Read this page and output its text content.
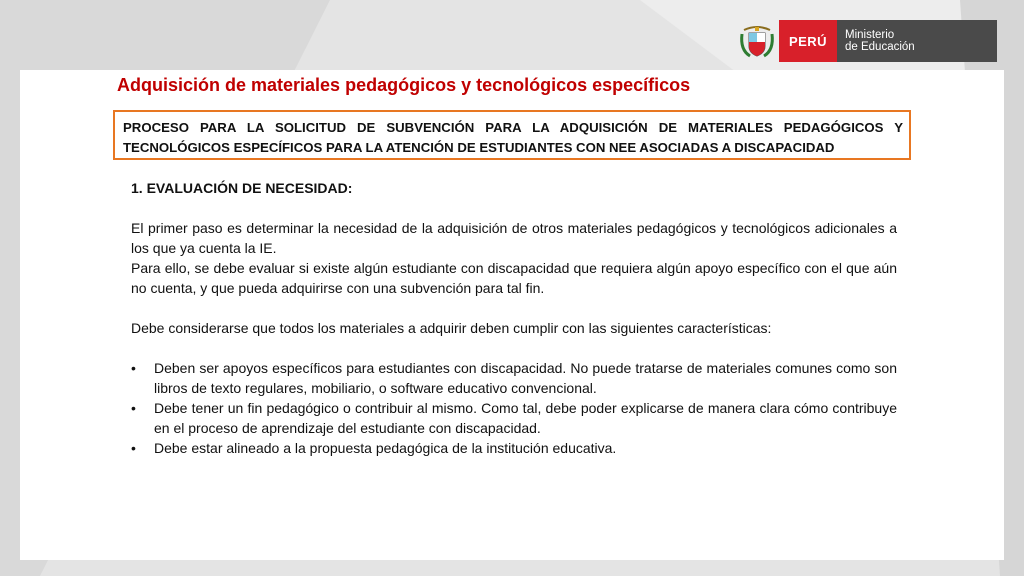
PERÚ Ministerio
de Educación
Adquisición de materiales pedagógicos y tecnológicos específicos
PROCESO PARA LA SOLICITUD DE SUBVENCIÓN PARA LA ADQUISICIÓN DE MATERIALES PEDAGÓGICOS Y TECNOLÓGICOS ESPECÍFICOS PARA LA ATENCIÓN DE ESTUDIANTES CON NEE ASOCIADAS A DISCAPACIDAD

1. EVALUACIÓN DE NECESIDAD:

El primer paso es determinar la necesidad de la adquisición de otros materiales pedagógicos y tecnológicos adicionales a los que ya cuenta la IE.

Para ello, se debe evaluar si existe algún estudiante con discapacidad que requiera algún apoyo específico con el que aún no cuenta, y que pueda adquirirse con una subvención para tal fin.

Debe considerarse que todos los materiales a adquirir deben cumplir con las siguientes características:

• Deben ser apoyos específicos para estudiantes con discapacidad. No puede tratarse de materiales comunes como son libros de texto regulares, mobiliario, o software educativo convencional.
• Debe tener un fin pedagógico o contribuir al mismo. Como tal, debe poder explicarse de manera clara cómo contribuye en el proceso de aprendizaje del estudiante con discapacidad.
• Debe estar alineado a la propuesta pedagógica de la institución educativa.
